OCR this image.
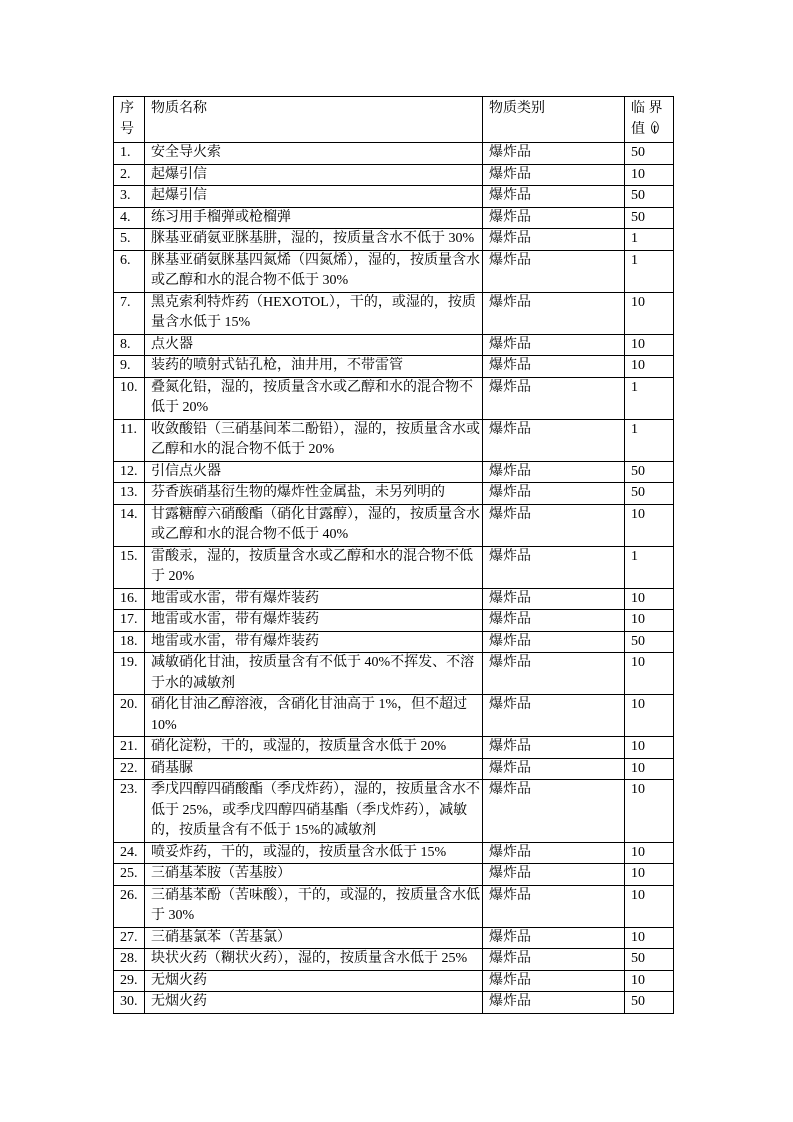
序号	物质名称	物质类别	临 界
值（t）

1.	安全导火索	爆炸品	50
2.	起爆引信	爆炸品	10
3.	起爆引信	爆炸品	50
4.	练习用手榴弹或枪榴弹	爆炸品	50
5.	脒基亚硝氨亚脒基肼，湿的，按质量含水不低于 30%	爆炸品	1
6.	脒基亚硝氨脒基四氮烯（四氮烯），湿的，按质量含水或乙醇和水的混合物不低于 30%	爆炸品	1
7.	黑克索利特炸药（HEXOTOL），干的，或湿的，按质量含水低于 15%	爆炸品	10
8.	点火器	爆炸品	10
9.	装药的喷射式钻孔枪，油井用，不带雷管	爆炸品	10
10.	叠氮化铅，湿的，按质量含水或乙醇和水的混合物不低于 20%	爆炸品	1
11.	收敛酸铅（三硝基间苯二酚铅），湿的，按质量含水或乙醇和水的混合物不低于 20%	爆炸品	1
12.	引信点火器	爆炸品	50
13.	芬香族硝基衍生物的爆炸性金属盐，未另列明的	爆炸品	50
14.	甘露糖醇六硝酸酯（硝化甘露醇），湿的，按质量含水或乙醇和水的混合物不低于 40%	爆炸品	10
15.	雷酸汞，湿的，按质量含水或乙醇和水的混合物不低于 20%	爆炸品	1
16.	地雷或水雷，带有爆炸装药	爆炸品	10
17.	地雷或水雷，带有爆炸装药	爆炸品	10
18.	地雷或水雷，带有爆炸装药	爆炸品	50
19.	减敏硝化甘油，按质量含有不低于 40%不挥发、不溶于水的减敏剂	爆炸品	10
20.	硝化甘油乙醇溶液，含硝化甘油高于 1%，但不超过 10%	爆炸品	10
21.	硝化淀粉，干的，或湿的，按质量含水低于 20%	爆炸品	10
22.	硝基脲	爆炸品	10
23.	季戊四醇四硝酸酯（季戊炸药），湿的，按质量含水不低于 25%，或季戊四醇四硝基酯（季戊炸药），减敏的，按质量含有不低于 15%的减敏剂	爆炸品	10
24.	喷妥炸药，干的，或湿的，按质量含水低于 15%	爆炸品	10
25.	三硝基苯胺（苦基胺）	爆炸品	10
26.	三硝基苯酚（苦味酸），干的，或湿的，按质量含水低于 30%	爆炸品	10
27.	三硝基氯苯（苦基氯）	爆炸品	10
28.	块状火药（糊状火药），湿的，按质量含水低于 25%	爆炸品	50
29.	无烟火药	爆炸品	10
30.	无烟火药	爆炸品	50
